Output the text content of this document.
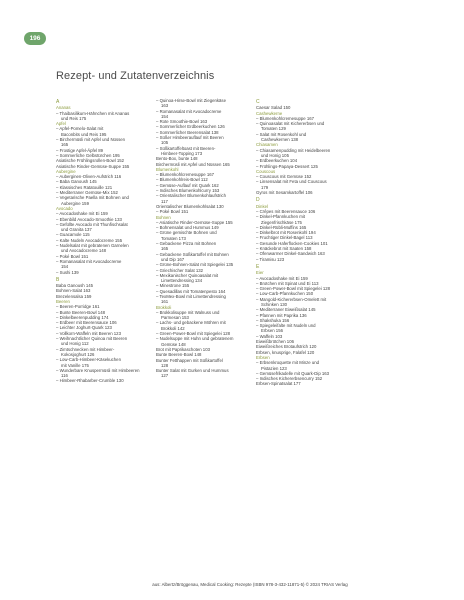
196
Rezept- und Zutatenverzeichnis
A
Ananas
– Thaibasilikum-Hähnchen mit Ananas
und Reis 175
Apfel
– Apfel-Pomelo-Salat mit
Baconbits und Reis 195
– Birchermüsli mit Apfel und Nüssen
165
– Frostige Apfel-Äpfel 89
– Sommerliche Gelbstürchen 195
Asiatische Frühlingsrollen-Bowl 152
Asiatische Rinder-Gemüse-Suppe 155
Aubergine
– Auberginen-Oliven-Aufstrich 116
– Baba Ganoush 145
– Klassisches Ratatouille 121
– Mediterraner Gemüse-Mix 152
– Vegetarische Paella mit Bohnen und
Aubergine 159
Avocado
– Avocadoshake mit Ei 159
– Ebenbild Avocado-Smoothie 133
– Gefüllte Avocado mit Thunfischsalat
und Granita 137
– Guacamole 115
– Kalte Nudeln Avocadocreme 155
– Nudelsalat mit gebratenen Garnelen
und Avocadocreme 148
– Poké Bowl 151
– Romanasalat mit Avocadocreme
154
– Sushi 139
B
Baba Ganoush 145
Bohnen-Salat 163
Brezelensalsa 159
Beeren
– Beeren-Porridge 161
– Bunte Beeren-Bowl 148
– Dinkelbeerenpudding 174
– Erdbeer mit Beerensauce 106
– Leichter Joghurt-Quark 123
– Vollkorn-Waffeln mit Beeren 123
– Weihnachtlicher Quinoa mit Beeren
und Honig 112
– Zimtschnecken mit Himbeer-
Kokosjoghurt 126
– Low-Carb-Himbeer-Käsekuchen
mit Vanille 175
– Wunderbare Knuspermüsli mit Himbeeren
116
– Himbeer-Rhabarber-Crumble 130
– Quinoa-Hirse-Bowl mit Ziegenkäse
163
– Romanasalat mit Avocadocreme
154
– Rote Smoothie-Bowl 163
– Sommerlicher Erdbeerkuchen 126
– Sommerlicher Beerensalat 138
– Süßer Himbeerauflauf mit Beeren
105
– Süßkartoffeltoast mit Beeren-
Himbeer-Topping 173
Bento-Box, bunte 148
Birchermüsli mit Apfel und Nüssen 165
Blumenkohl
– Blumenkohlcremesuppe 167
– Blumenkohlreis-Bowl 112
– Gemüse-Auflauf mit Quark 162
– Indisches Blumenkohlcurry 153
– Orientalischer Blumenkohlaufstrich
117
Orientalischer Blumenkohlsalat 130
– Poké Bowl 151
Bohnen
– Asiatische Rinder-Gemüse-Suppe 155
– Bohnensalat und Hummus 149
– Grüne gemischte Bohnen und
Tomaten 173
– Gebackene Pizza mit Bohnen
165
– Gebackene Süßkartoffel mit Bohnen
und Dip 167
– Grüne-Bohnen-Salat mit Spiegelei 135
– Griechischer Salat 132
– Mexikanischer Quinoasalat mit
Limettendressing 134
– Minestrone 155
– Quesadillas mit Tomatenpesto 164
– TexMex-Bowl mit Limettendressing
161
Brokkoli
– Brokkolisuppe mit Walnuss und
Parmesan 153
– Lachs- und gebackene Möhren mit
Brokkoli 142
– Green-Power-Bowl mit Spiegelei 128
– Nudelsuppe mit Huhn und gebratenem
Gemüse 148
Brot mit Paprikaschoten 103
Bunte Beeren-Bowl 148
Bunter Fetthappen mit Süßkartoffel
128
Bunter Salat mit Gurken und Hummus
127
C
Caesar Salad 150
Cashewkerne
– Blumenkohlcremesuppe 167
– Quinoasalat mit Kichererbsen und
Tomaten 129
– Salat mit Rosenkohl und
Cashewkernen 138
Chiasamen
– Chiasamenpudding mit Heidelbeeren
und Honig 105
– Erdbeerkuchen 104
– Frühlings-Papaya-Dessert 125
Couscous
– Couscous mit Gemüse 152
– Linsensalat mit Feta und Couscous
179
Gyros mit Sesamkartoffel 106
D
Dinkel
– Crêpes mit Beerensauce 106
– Dinkel-Pfannkuchen mit
Ziegenfrischkäse 175
– Dinkel-Rübli-Muffins 165
– Dinkelbrot mit Rosenkohl 194
– Fruchtiger Dinkel-Bagel 113
– Gesunde Haferflocken-Cookies 101
– Knäckebrot mit Saaten 158
– Ofenwarmer Dinkel-Sandwich 163
– Tiramisu 123
E
Eier
– Avocadoshake mit Ei 159
– Brotchen mit Spinat und Ei 113
– Green-Power-Bowl mit Spiegelei 128
– Low-Carb-Pfannkuchen 150
– Mangold-Kichererbsen-Omelett mit
Schinken 130
– Mediterraner Eiweißsalat 145
– Pfannen mit Paprika 136
– Shakshuka 156
– Spiegeleifalte mit Nudeln und
Erbsen 156
– Waffeln 103
Eiweißbrötchen 106
Eiweißreiches Brotaufstrich 120
Erbsen, knusprige, Falafel 120
Erbsen
– Erbsenkroquette mit Minze und
Pistazien 123
– Gemüsefrikadelle mit Quark-Dip 163
– Indisches Kichererbsencurry 152
Erbsen-Spinatsalat 177
aus: Albertz/Bröggenau, Medical Cooking: Rezepte (ISBN 978-3-432-11871-5) © 2024 TRIAS Verlag
